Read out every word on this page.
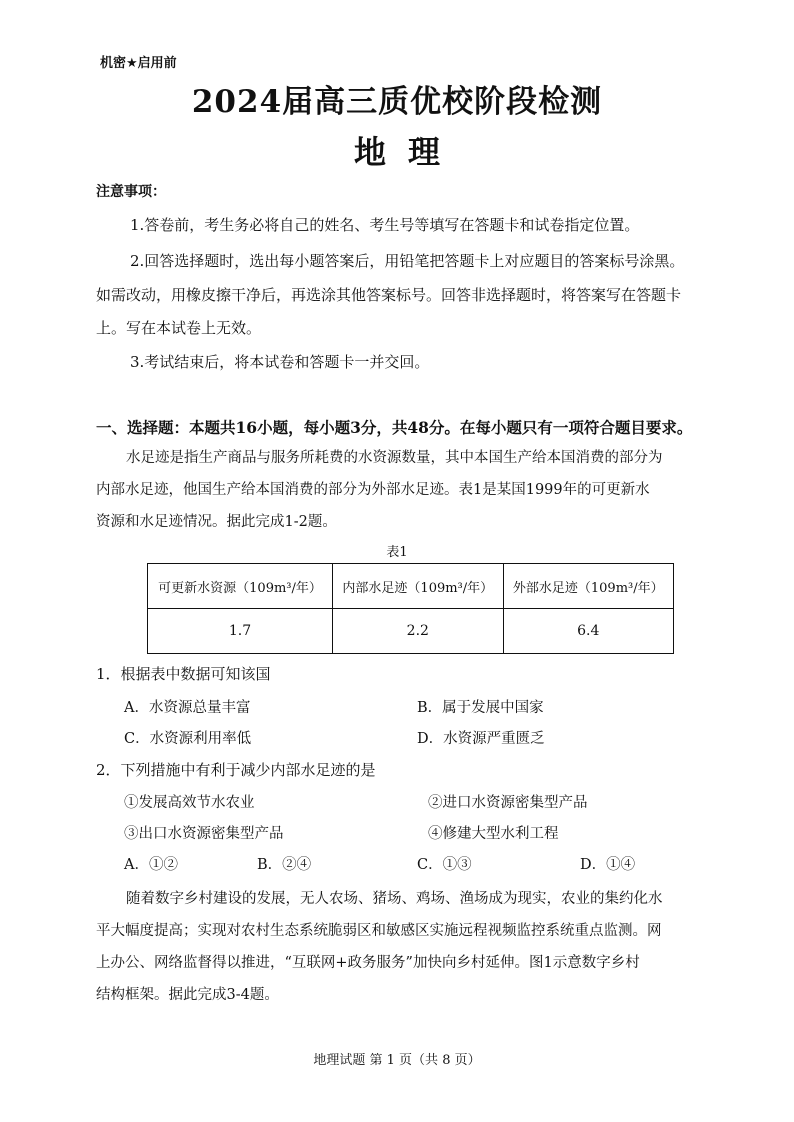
机密★启用前
2024届高三质优校阶段检测
地理
注意事项：
1.答卷前，考生务必将自己的姓名、考生号等填写在答题卡和试卷指定位置。
2.回答选择题时，选出每小题答案后，用铅笔把答题卡上对应题目的答案标号涂黑。
如需改动，用橡皮擦干净后，再选涂其他答案标号。回答非选择题时，将答案写在答题卡
上。写在本试卷上无效。
3.考试结束后，将本试卷和答题卡一并交回。
一、选择题：本题共16小题，每小题3分，共48分。在每小题只有一项符合题目要求。
水足迹是指生产商品与服务所耗费的水资源数量，其中本国生产给本国消费的部分为
内部水足迹，他国生产给本国消费的部分为外部水足迹。表1是某国1999年的可更新水
资源和水足迹情况。据此完成1-2题。
表1
可更新水资源（109m³/年）	内部水足迹（109m³/年）	外部水足迹（109m³/年）
1.7	2.2	6.4
1．根据表中数据可知该国
A．水资源总量丰富	B．属于发展中国家
C．水资源利用率低	D．水资源严重匮乏
2．下列措施中有利于减少内部水足迹的是
①发展高效节水农业	②进口水资源密集型产品
③出口水资源密集型产品	④修建大型水利工程
A．①②	B．②④	C．①③	D．①④
随着数字乡村建设的发展，无人农场、猪场、鸡场、渔场成为现实，农业的集约化水
平大幅度提高；实现对农村生态系统脆弱区和敏感区实施远程视频监控系统重点监测。网
上办公、网络监督得以推进，“互联网+政务服务”加快向乡村延伸。图1示意数字乡村
结构框架。据此完成3-4题。
地理试题 第 1 页（共 8 页）
